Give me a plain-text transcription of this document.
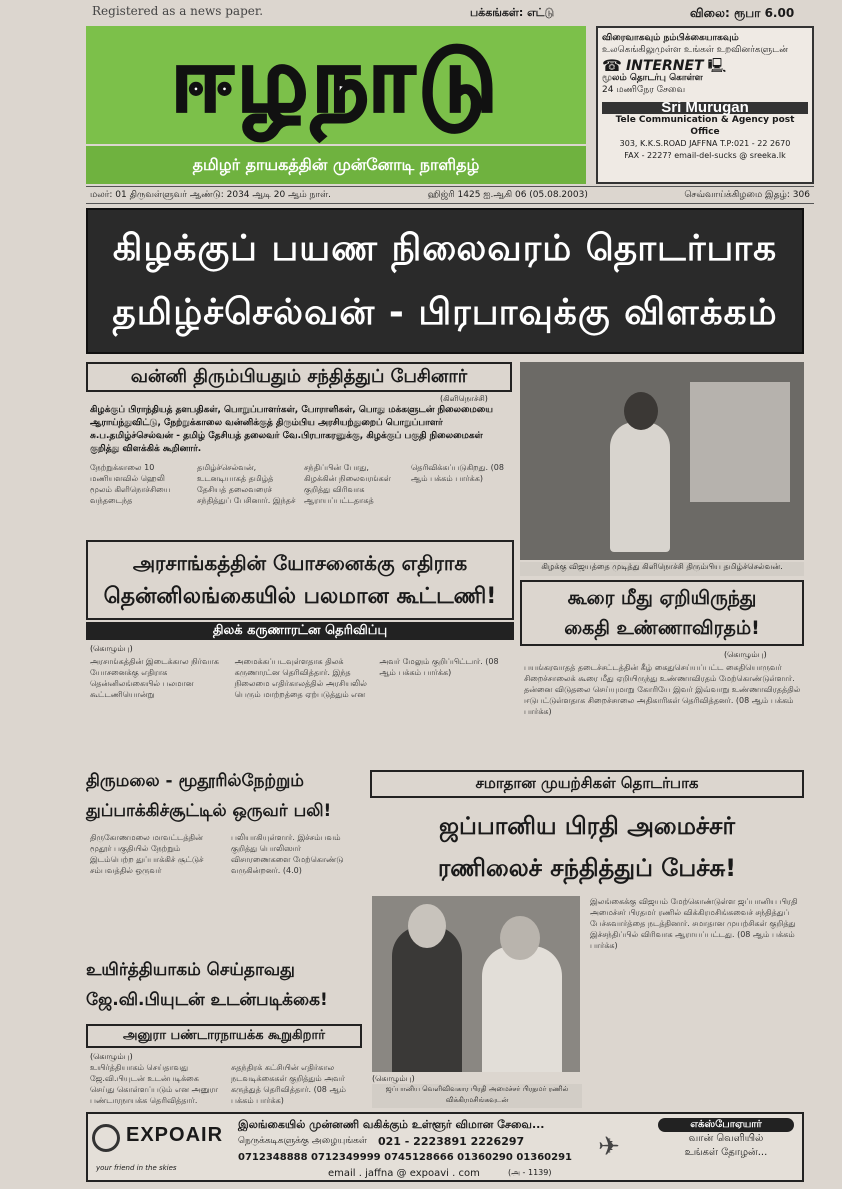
Registered as a news paper.	பக்கங்கள்: எட்டு	விலை: ரூபா 6.00
ஈழநாடு
தமிழர் தாயகத்தின் முன்னோடி நாளிதழ்
விரைவாகவும் நம்பிக்கையாகவும்
உலகெங்கிலுமுள்ள உங்கள் உறவினர்களுடன்
☎ INTERNET 🖳
மூலம் தொடர்பு கொள்ள
24 மணிநேர சேவை
Sri Murugan
Tele Communication & Agency post Office
303, K.K.S.ROAD JAFFNA T.P:021 - 22 2670
FAX - 2227? email-del-sucks @ sreeka.lk
மலர்: 01 திருவள்ளுவர் ஆண்டு: 2034 ஆடி 20 ஆம் நாள்.	ஹிஜ்ரி 1425 ஐ.ஆகி 06 (05.08.2003)	செவ்வாய்க்கிழமை இதழ்: 306
கிழக்குப் பயண நிலைவரம் தொடர்பாக
தமிழ்ச்செல்வன் - பிரபாவுக்கு விளக்கம்
வன்னி திரும்பியதும் சந்தித்துப் பேசினார்
(கிளிநொச்சி)
கிழக்குப் பிராந்தியத் தளபதிகள், பொறுப்பாளர்கள், போராளிகள், பொது மக்களுடன் நிலைமையை ஆராய்ந்துவிட்டு, நேற்றுக்காலை வன்னிக்குத் திரும்பிய அரசியற்துறைப் பொறுப்பாளர் சு.ப.தமிழ்ச்செல்வன் - தமிழ் தேசியத் தலைவர் வே.பிரபாகரனுக்கு, கிழக்குப் பகுதி நிலைமைகள் குறித்து விளக்கிக் கூறினார்.
நேற்றுக்காலை 10 மணியளவில் ஹெலி மூலம் கிளிநொச்சியை வந்தடைந்த தமிழ்ச்செல்வன், உடனடியாகத் தமிழ்த் தேசியத் தலைவரைச் சந்தித்துப் பேசினார். இந்தச் சந்திப்பின் போது, கிழக்கின் நிலைவரங்கள் குறித்து விரிவாக ஆராயப்பட்டதாகத் தெரிவிக்கப்படுகிறது. (08 ஆம் பக்கம் பார்க்க)
கிழக்கு விஜயத்தை முடித்து கிளிநொச்சி திரும்பிய தமிழ்ச்செல்வன்.
அரசாங்கத்தின் யோசனைக்கு எதிராக
தென்னிலங்கையில் பலமான கூட்டணி!
திலக் கருணாரட்ன தெரிவிப்பு
(கொழும்பு)
அரசாங்கத்தின் இடைக்கால நிர்வாக யோசனைக்கு எதிராக தென்னிலங்கையில் பலமான கூட்டணியொன்று அமைக்கப்படவுள்ளதாக திலக் கருணாரட்ன தெரிவித்தார். இந்த நிலைமை எதிர்காலத்தில் அரசியலில் பெரும் மாற்றத்தை ஏற்படுத்தும் என அவர் மேலும் குறிப்பிட்டார். (08 ஆம் பக்கம் பார்க்க)
கூரை மீது ஏறியிருந்து
கைதி உண்ணாவிரதம்!
(கொழும்பு)
பயங்கரவாதத் தடைச்சட்டத்தின் கீழ் கைதுசெய்யப்பட்ட கைதியொருவர் சிறைச்சாலைக் கூரை மீது ஏறியிருந்து உண்ணாவிரதம் மேற்கொண்டுள்ளார். தன்னை விடுதலை செய்யுமாறு கோரியே இவர் இவ்வாறு உண்ணாவிரதத்தில் ஈடுபட்டுள்ளதாக சிறைச்சாலை அதிகாரிகள் தெரிவித்தனர். (08 ஆம் பக்கம் பார்க்க)
திருமலை - மூதூரில்நேற்றும்
துப்பாக்கிச்சூட்டில் ஒருவர் பலி!
திருகோணமலை மாவட்டத்தின் மூதூர் பகுதியில் நேற்றும் இடம்பெற்ற துப்பாக்கிச் சூட்டுச் சம்பவத்தில் ஒருவர் பலியாகியுள்ளார். இச்சம்பவம் குறித்து பொலிஸார் விசாரணைகளை மேற்கொண்டு வருகின்றனர். (4.0)
சமாதான முயற்சிகள் தொடர்பாக
ஜப்பானிய பிரதி அமைச்சர்
ரணிலைச் சந்தித்துப் பேச்சு!
(கொழும்பு)
ஜப்பானிய வெளிவிவகார பிரதி அமைச்சர் பிரதமர் ரணில் விக்கிரமசிங்கவுடன்
இலங்கைக்கு விஜயம் மேற்கொண்டுள்ள ஜப்பானிய பிரதி அமைச்சர் பிரதமர் ரணில் விக்கிரமசிங்கவைச் சந்தித்துப் பேச்சுவார்த்தை நடத்தினார். சமாதான முயற்சிகள் குறித்து இச்சந்திப்பில் விரிவாக ஆராயப்பட்டது. (08 ஆம் பக்கம் பார்க்க)
உயிர்த்தியாகம் செய்தாவது
ஜே.வி.பியுடன் உடன்படிக்கை!
அனுரா பண்டாரநாயக்க கூறுகிறார்
(கொழும்பு)
உயிர்த்தியாகம் செய்தாவது ஜே.வி.பியுடன் உடன்படிக்கை செய்து கொள்ளப்படும் என அனுரா பண்டாரநாயக்க தெரிவித்தார். சுதந்திரக் கட்சியின் எதிர்கால நடவடிக்கைகள் குறித்தும் அவர் கருத்துத் தெரிவித்தார். (08 ஆம் பக்கம் பார்க்க)
EXPOAIR
your friend in the skies
இலங்கையில் முன்னணி வகிக்கும் உள்ளூர் விமான சேவை...
நெருக்கடிகளுக்கு அழையுங்கள் 021 - 2223891 2226297
0712348888 0712349999 0745128666 01360290 01360291
email . jaffna @ expoavi . com	(அ - 1139)
✈
எக்ஸ்போஏயார்
வான் வெளியில்
உங்கள் தோழன்...
